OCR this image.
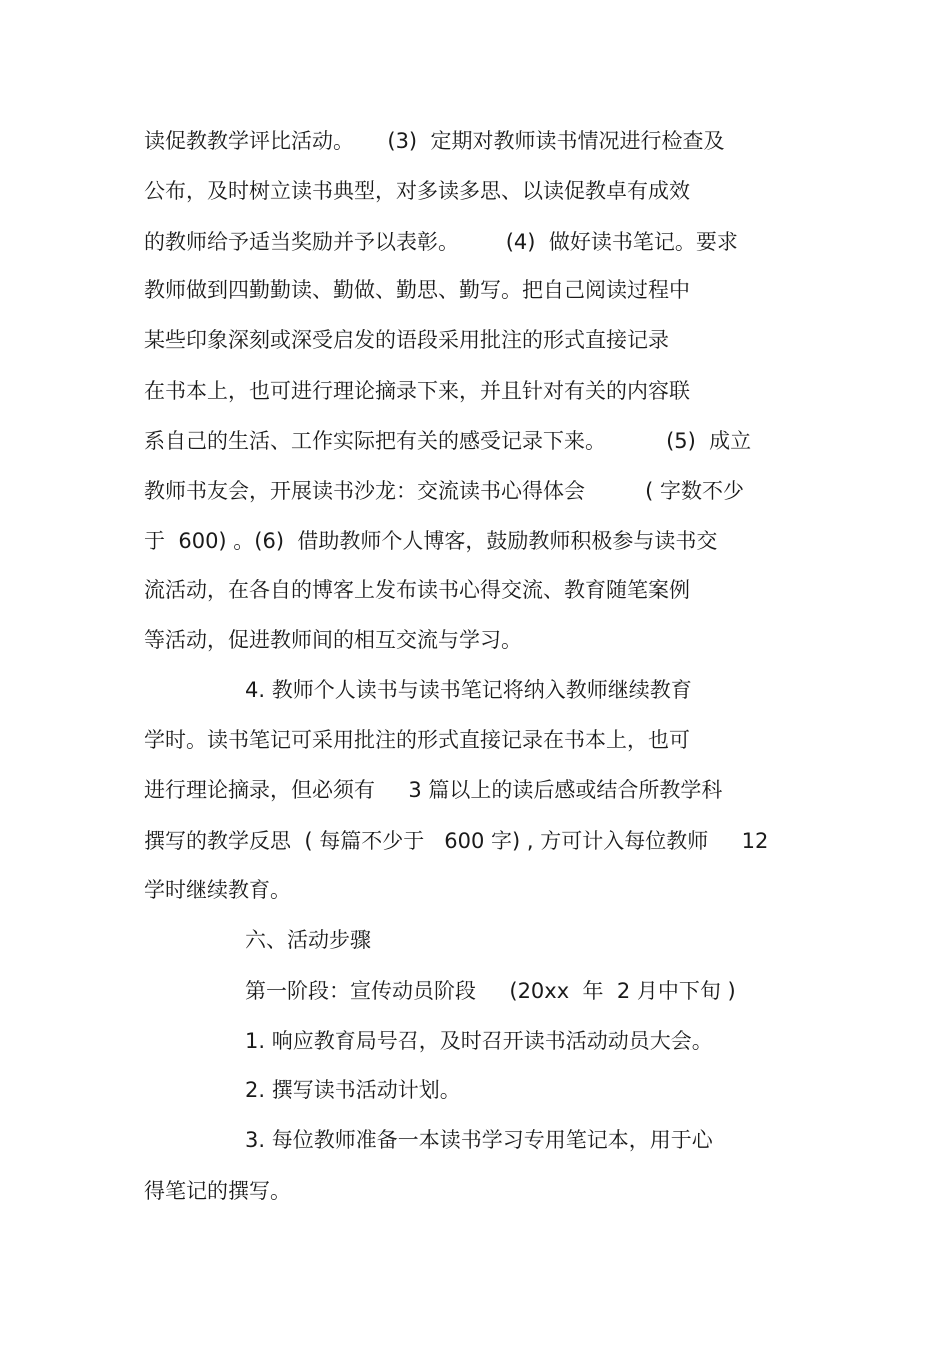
读促教教学评比活动。     (3)  定期对教师读书情况进行检查及

公布，及时树立读书典型，对多读多思、以读促教卓有成效

的教师给予适当奖励并予以表彰。       (4)  做好读书笔记。要求

教师做到四勤勤读、勤做、勤思、勤写。把自己阅读过程中

某些印象深刻或深受启发的语段采用批注的形式直接记录

在书本上，也可进行理论摘录下来，并且针对有关的内容联

系自己的生活、工作实际把有关的感受记录下来。         (5)  成立

教师书友会，开展读书沙龙：交流读书心得体会         ( 字数不少

于  600) 。(6)  借助教师个人博客，鼓励教师积极参与读书交

流活动，在各自的博客上发布读书心得交流、教育随笔案例

等活动，促进教师间的相互交流与学习。

4. 教师个人读书与读书笔记将纳入教师继续教育

学时。读书笔记可采用批注的形式直接记录在书本上，也可

进行理论摘录，但必须有     3 篇以上的读后感或结合所教学科

撰写的教学反思  ( 每篇不少于   600 字) , 方可计入每位教师     12

学时继续教育。

六、活动步骤

第一阶段：宣传动员阶段     (20xx  年  2 月中下旬 )

1. 响应教育局号召，及时召开读书活动动员大会。

2. 撰写读书活动计划。

3. 每位教师准备一本读书学习专用笔记本，用于心

得笔记的撰写。
